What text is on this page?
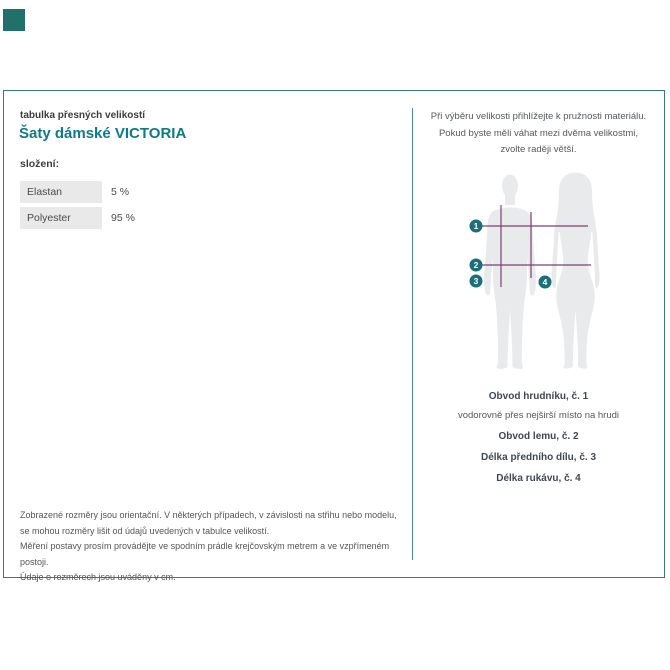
tabulka přesných velikostí
Šaty dámské VICTORIA
složení:
Elastan	5 %
Polyester	95 %
Zobrazené rozměry jsou orientační. V některých případech, v závislosti na střihu nebo modelu,
se mohou rozměry lišit od údajů uvedených v tabulce velikostí.
Měření postavy prosím provádějte ve spodním prádle krejčovským metrem a ve vzpřímeném postoji.
Údaje o rozměrech jsou uváděny v cm.
Při výběru velikosti přihlížejte k pružnosti materiálu.
Pokud byste měli váhat mezi dvěma velikostmi,
zvolte raději větší.
1
2
3	4
Obvod hrudníku, č. 1
vodorovně přes nejširší místo na hrudi
Obvod lemu, č. 2
Délka předního dílu, č. 3
Délka rukávu, č. 4
